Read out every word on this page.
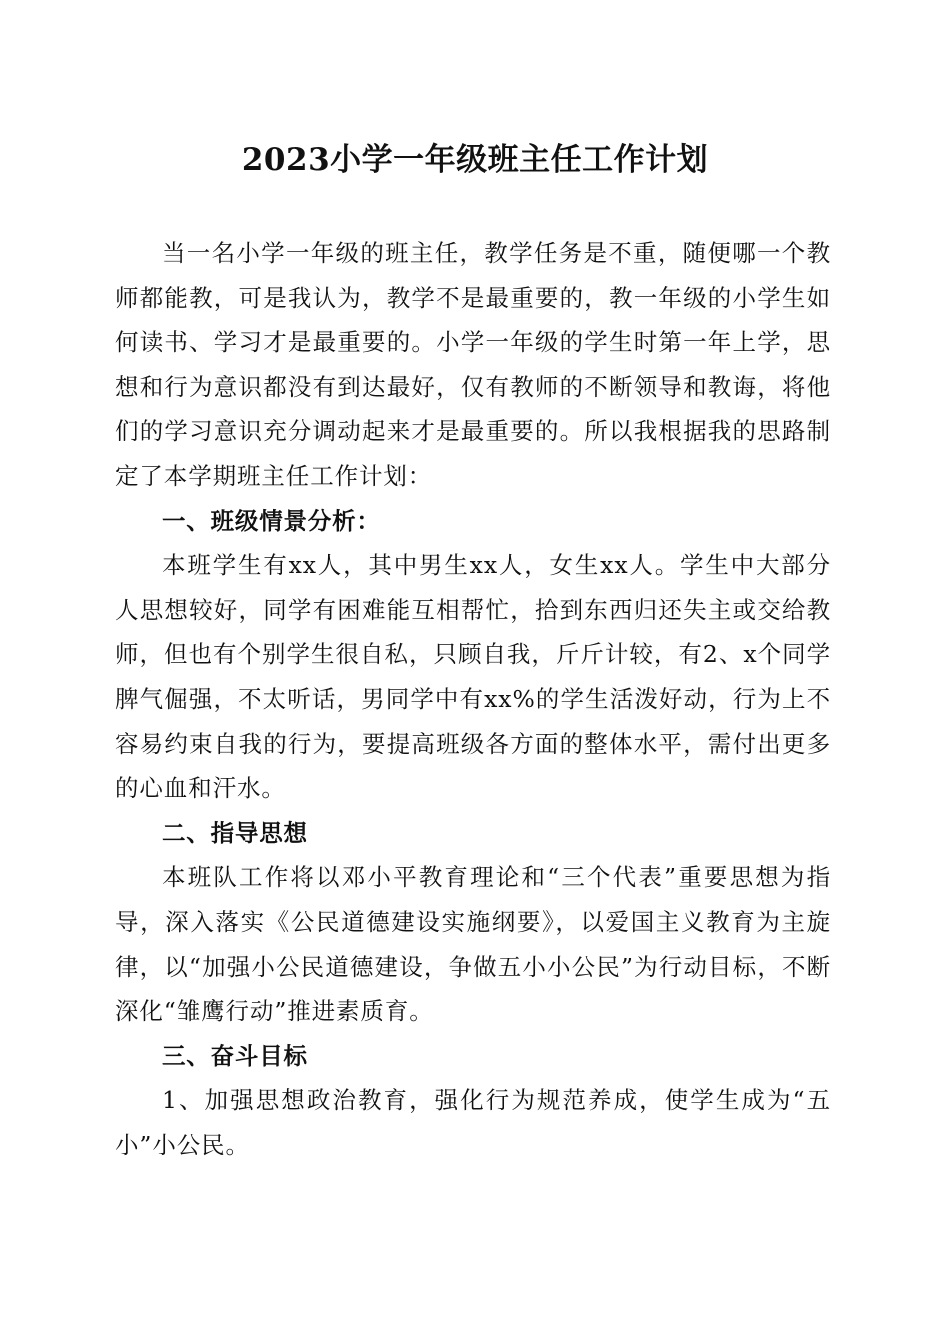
2023小学一年级班主任工作计划

当一名小学一年级的班主任，教学任务是不重，随便哪一个教师都能教，可是我认为，教学不是最重要的，教一年级的小学生如何读书、学习才是最重要的。小学一年级的学生时第一年上学，思想和行为意识都没有到达最好，仅有教师的不断领导和教诲，将他们的学习意识充分调动起来才是最重要的。所以我根据我的思路制定了本学期班主任工作计划：

一、班级情景分析：

本班学生有xx人，其中男生xx人，女生xx人。学生中大部分人思想较好，同学有困难能互相帮忙，拾到东西归还失主或交给教师，但也有个别学生很自私，只顾自我，斤斤计较，有2、x个同学脾气倔强，不太听话，男同学中有xx%的学生活泼好动，行为上不容易约束自我的行为，要提高班级各方面的整体水平，需付出更多的心血和汗水。

二、指导思想

本班队工作将以邓小平教育理论和“三个代表”重要思想为指导，深入落实《公民道德建设实施纲要》，以爱国主义教育为主旋律，以“加强小公民道德建设，争做五小小公民”为行动目标，不断深化“雏鹰行动”推进素质育。

三、奋斗目标

1、加强思想政治教育，强化行为规范养成，使学生成为“五小”小公民。
